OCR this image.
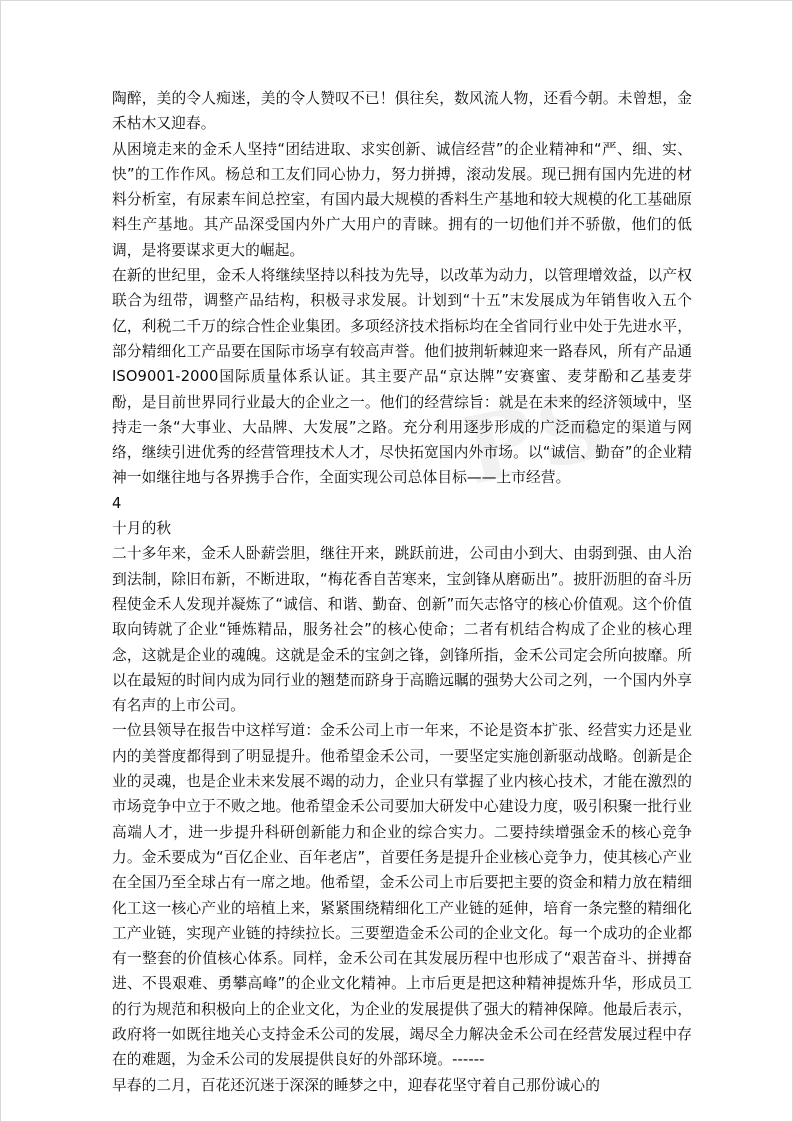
PS

陶醉，美的令人痴迷，美的令人赞叹不已！俱往矣，数风流人物，还看今朝。未曾想，金禾枯木又迎春。

从困境走来的金禾人坚持“团结进取、求实创新、诚信经营”的企业精神和“严、细、实、快”的工作作风。杨总和工友们同心协力，努力拼搏，滚动发展。现已拥有国内先进的材料分析室，有尿素车间总控室，有国内最大规模的香料生产基地和较大规模的化工基础原料生产基地。其产品深受国内外广大用户的青睐。拥有的一切他们并不骄傲，他们的低调，是将要谋求更大的崛起。

在新的世纪里，金禾人将继续坚持以科技为先导，以改革为动力，以管理增效益，以产权联合为纽带，调整产品结构，积极寻求发展。计划到“十五”末发展成为年销售收入五个亿，利税二千万的综合性企业集团。多项经济技术指标均在全省同行业中处于先进水平，部分精细化工产品要在国际市场享有较高声誉。他们披荆斩棘迎来一路春风，所有产品通ISO9001-2000国际质量体系认证。其主要产品“京达牌”安赛蜜、麦芽酚和乙基麦芽酚，是目前世界同行业最大的企业之一。他们的经营综旨：就是在未来的经济领域中，坚持走一条“大事业、大品牌、大发展”之路。充分利用逐步形成的广泛而稳定的渠道与网络，继续引进优秀的经营管理技术人才，尽快拓宽国内外市场。以“诚信、勤奋”的企业精神一如继往地与各界携手合作，全面实现公司总体目标——上市经营。

4

十月的秋

二十多年来，金禾人卧薪尝胆，继往开来，跳跃前进，公司由小到大、由弱到强、由人治到法制，除旧布新，不断进取，“梅花香自苦寒来，宝剑锋从磨砺出”。披肝沥胆的奋斗历程使金禾人发现并凝炼了“诚信、和谐、勤奋、创新”而矢志恪守的核心价值观。这个价值取向铸就了企业“锤炼精品，服务社会”的核心使命；二者有机结合构成了企业的核心理念，这就是企业的魂魄。这就是金禾的宝剑之锋，剑锋所指，金禾公司定会所向披靡。所以在最短的时间内成为同行业的翘楚而跻身于高瞻远瞩的强势大公司之列，一个国内外享有名声的上市公司。

一位县领导在报告中这样写道：金禾公司上市一年来，不论是资本扩张、经营实力还是业内的美誉度都得到了明显提升。他希望金禾公司，一要坚定实施创新驱动战略。创新是企业的灵魂，也是企业未来发展不竭的动力，企业只有掌握了业内核心技术，才能在激烈的市场竞争中立于不败之地。他希望金禾公司要加大研发中心建设力度，吸引积聚一批行业高端人才，进一步提升科研创新能力和企业的综合实力。二要持续增强金禾的核心竞争力。金禾要成为“百亿企业、百年老店”，首要任务是提升企业核心竞争力，使其核心产业在全国乃至全球占有一席之地。他希望，金禾公司上市后要把主要的资金和精力放在精细化工这一核心产业的培植上来，紧紧围绕精细化工产业链的延伸，培育一条完整的精细化工产业链，实现产业链的持续拉长。三要塑造金禾公司的企业文化。每一个成功的企业都有一整套的价值核心体系。同样，金禾公司在其发展历程中也形成了“艰苦奋斗、拼搏奋进、不畏艰难、勇攀高峰”的企业文化精神。上市后更是把这种精神提炼升华，形成员工的行为规范和积极向上的企业文化，为企业的发展提供了强大的精神保障。他最后表示，政府将一如既往地关心支持金禾公司的发展，竭尽全力解决金禾公司在经营发展过程中存在的难题，为金禾公司的发展提供良好的外部环境。------

早春的二月，百花还沉迷于深深的睡梦之中，迎春花坚守着自己那份诚心的
